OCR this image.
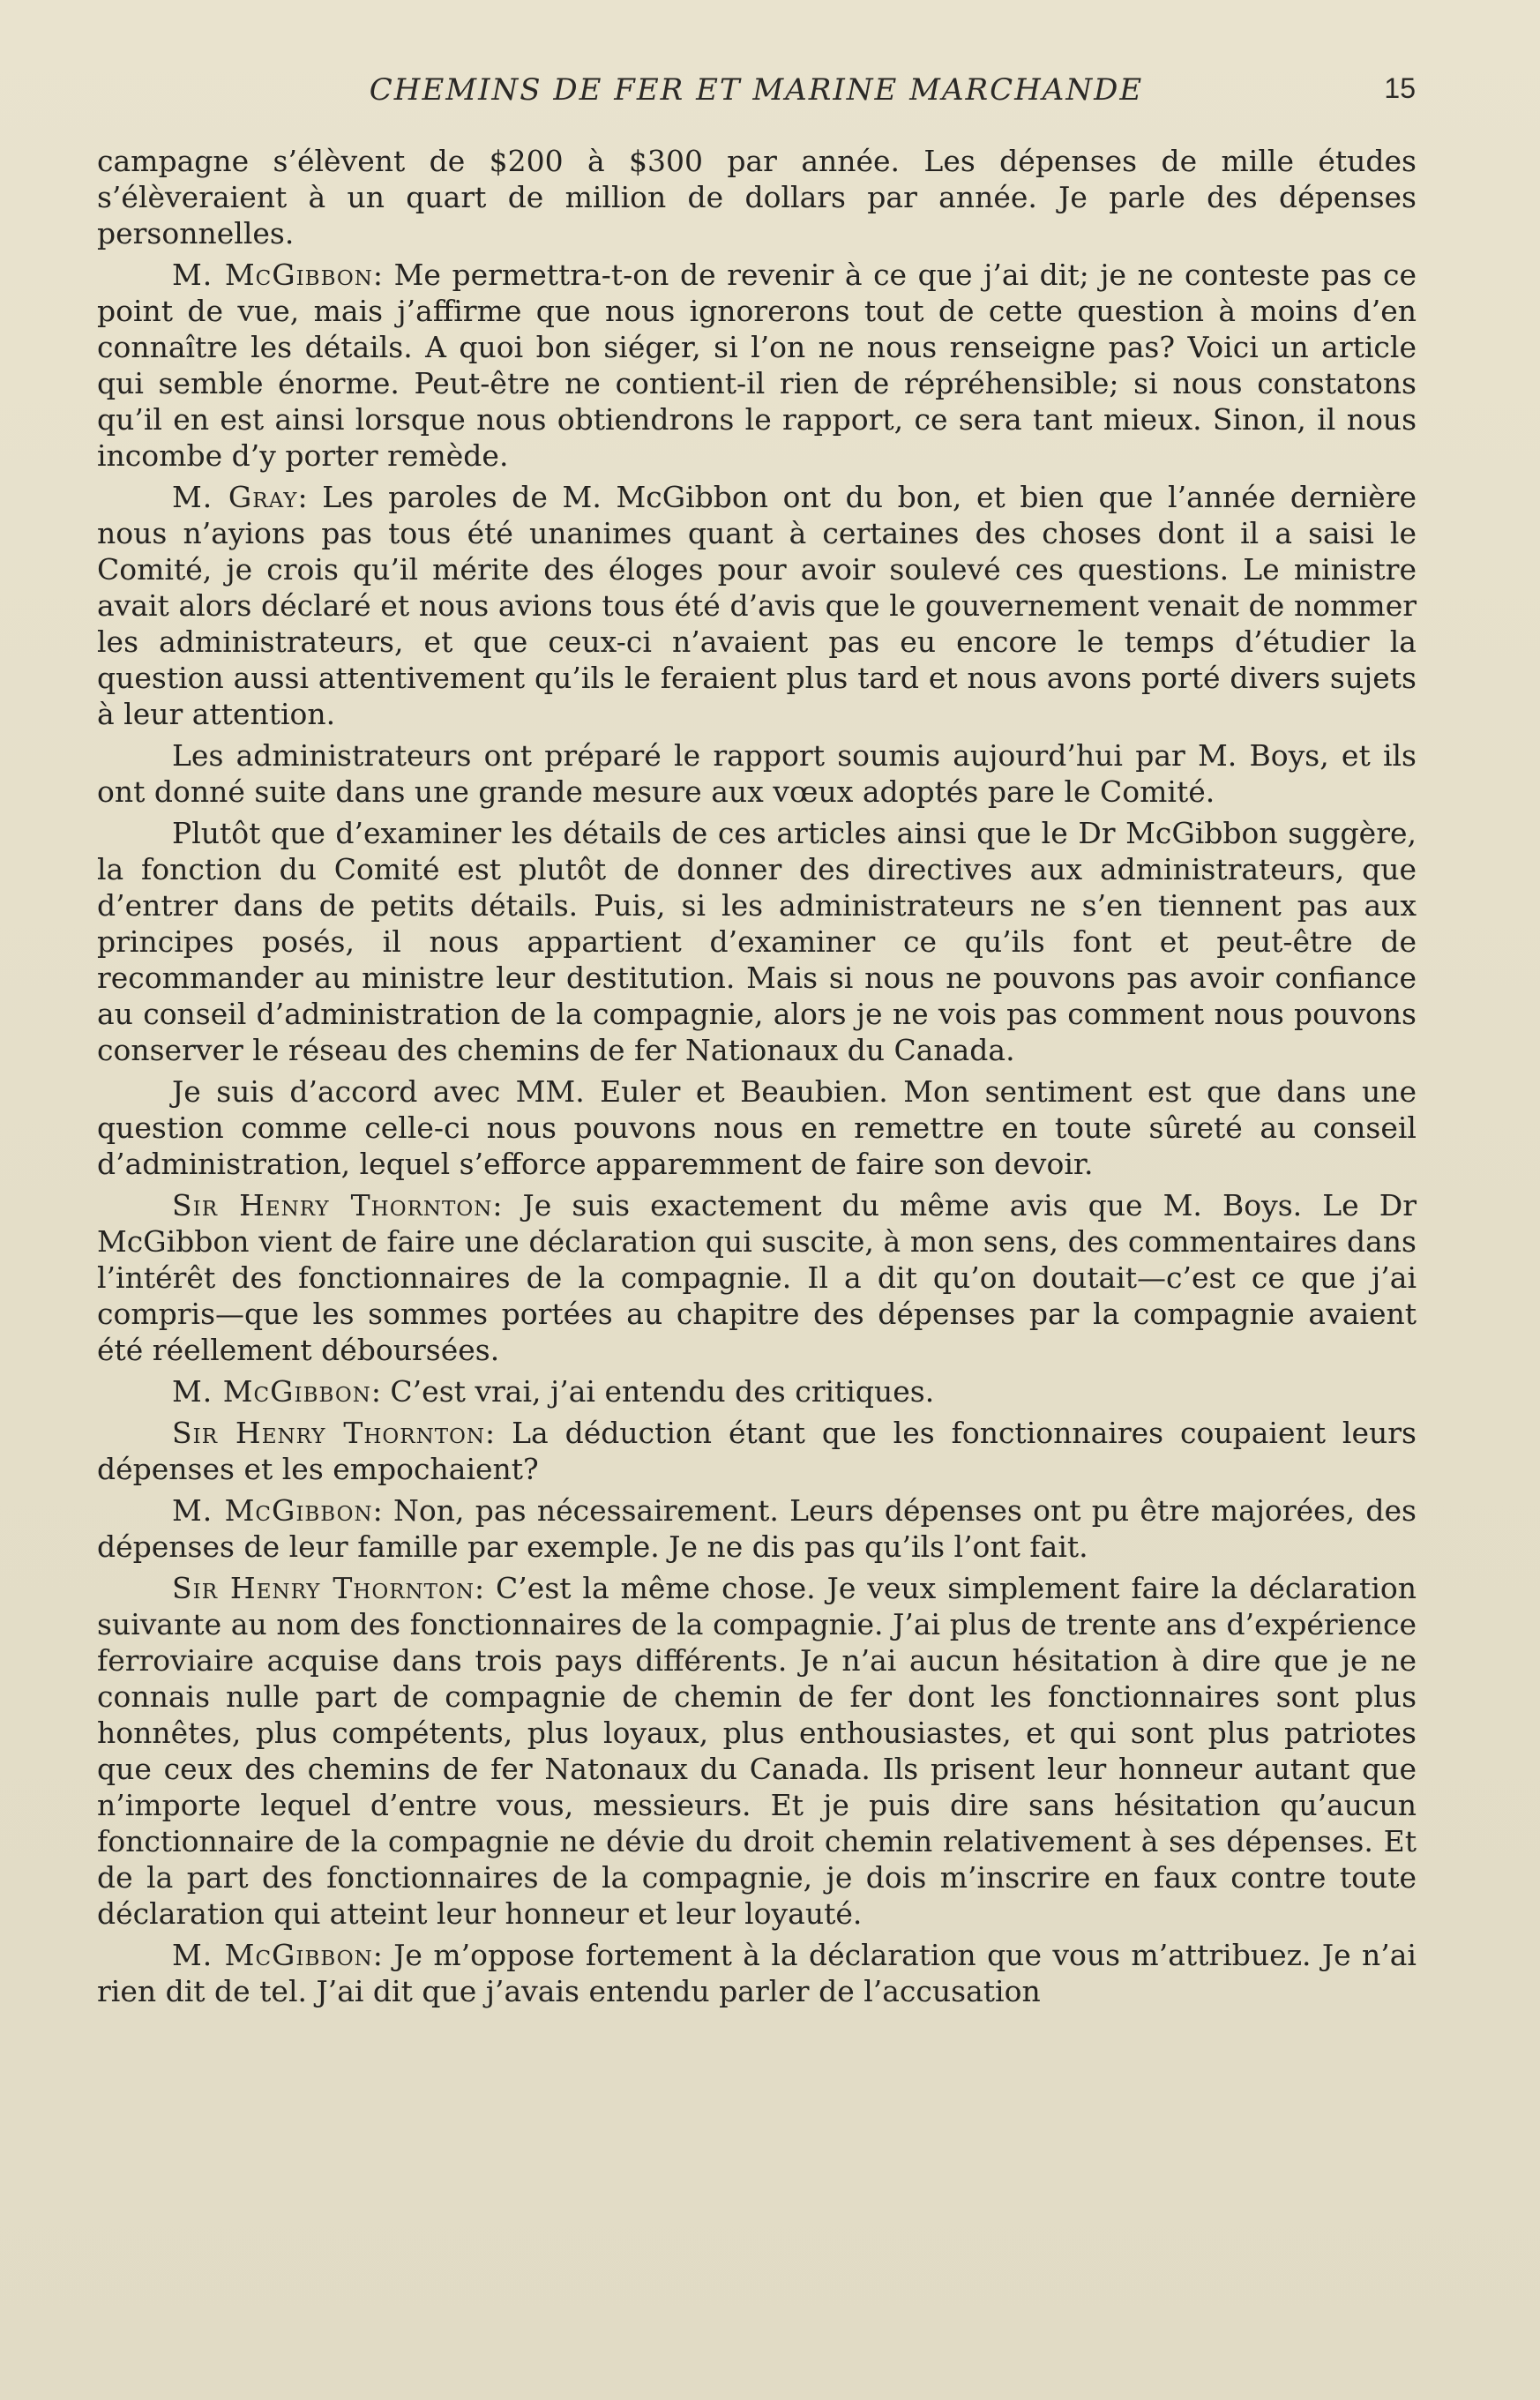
CHEMINS DE FER ET MARINE MARCHANDE	15

campagne s’élèvent de $200 à $300 par année. Les dépenses de mille études s’élèveraient à un quart de million de dollars par année. Je parle des dépenses personnelles.

M. McGibbon: Me permettra-t-on de revenir à ce que j’ai dit; je ne conteste pas ce point de vue, mais j’affirme que nous ignorerons tout de cette question à moins d’en connaître les détails. A quoi bon siéger, si l’on ne nous renseigne pas? Voici un article qui semble énorme. Peut-être ne contient-il rien de répréhensible; si nous constatons qu’il en est ainsi lorsque nous obtiendrons le rapport, ce sera tant mieux. Sinon, il nous incombe d’y porter remède.

M. Gray: Les paroles de M. McGibbon ont du bon, et bien que l’année dernière nous n’ayions pas tous été unanimes quant à certaines des choses dont il a saisi le Comité, je crois qu’il mérite des éloges pour avoir soulevé ces questions. Le ministre avait alors déclaré et nous avions tous été d’avis que le gouvernement venait de nommer les administrateurs, et que ceux-ci n’avaient pas eu encore le temps d’étudier la question aussi attentivement qu’ils le feraient plus tard et nous avons porté divers sujets à leur attention.

Les administrateurs ont préparé le rapport soumis aujourd’hui par M. Boys, et ils ont donné suite dans une grande mesure aux vœux adoptés pare le Comité.

Plutôt que d’examiner les détails de ces articles ainsi que le Dr McGibbon suggère, la fonction du Comité est plutôt de donner des directives aux administrateurs, que d’entrer dans de petits détails. Puis, si les administrateurs ne s’en tiennent pas aux principes posés, il nous appartient d’examiner ce qu’ils font et peut-être de recommander au ministre leur destitution. Mais si nous ne pouvons pas avoir confiance au conseil d’administration de la compagnie, alors je ne vois pas comment nous pouvons conserver le réseau des chemins de fer Nationaux du Canada.

Je suis d’accord avec MM. Euler et Beaubien. Mon sentiment est que dans une question comme celle-ci nous pouvons nous en remettre en toute sûreté au conseil d’administration, lequel s’efforce apparemment de faire son devoir.

Sir Henry Thornton: Je suis exactement du même avis que M. Boys. Le Dr McGibbon vient de faire une déclaration qui suscite, à mon sens, des commentaires dans l’intérêt des fonctionnaires de la compagnie. Il a dit qu’on doutait—c’est ce que j’ai compris—que les sommes portées au chapitre des dépenses par la compagnie avaient été réellement déboursées.

M. McGibbon: C’est vrai, j’ai entendu des critiques.

Sir Henry Thornton: La déduction étant que les fonctionnaires coupaient leurs dépenses et les empochaient?

M. McGibbon: Non, pas nécessairement. Leurs dépenses ont pu être majorées, des dépenses de leur famille par exemple. Je ne dis pas qu’ils l’ont fait.

Sir Henry Thornton: C’est la même chose. Je veux simplement faire la déclaration suivante au nom des fonctionnaires de la compagnie. J’ai plus de trente ans d’expérience ferroviaire acquise dans trois pays différents. Je n’ai aucun hésitation à dire que je ne connais nulle part de compagnie de chemin de fer dont les fonctionnaires sont plus honnêtes, plus compétents, plus loyaux, plus enthousiastes, et qui sont plus patriotes que ceux des chemins de fer Natonaux du Canada. Ils prisent leur honneur autant que n’importe lequel d’entre vous, messieurs. Et je puis dire sans hésitation qu’aucun fonctionnaire de la compagnie ne dévie du droit chemin relativement à ses dépenses. Et de la part des fonctionnaires de la compagnie, je dois m’inscrire en faux contre toute déclaration qui atteint leur honneur et leur loyauté.

M. McGibbon: Je m’oppose fortement à la déclaration que vous m’attribuez. Je n’ai rien dit de tel. J’ai dit que j’avais entendu parler de l’accusation
